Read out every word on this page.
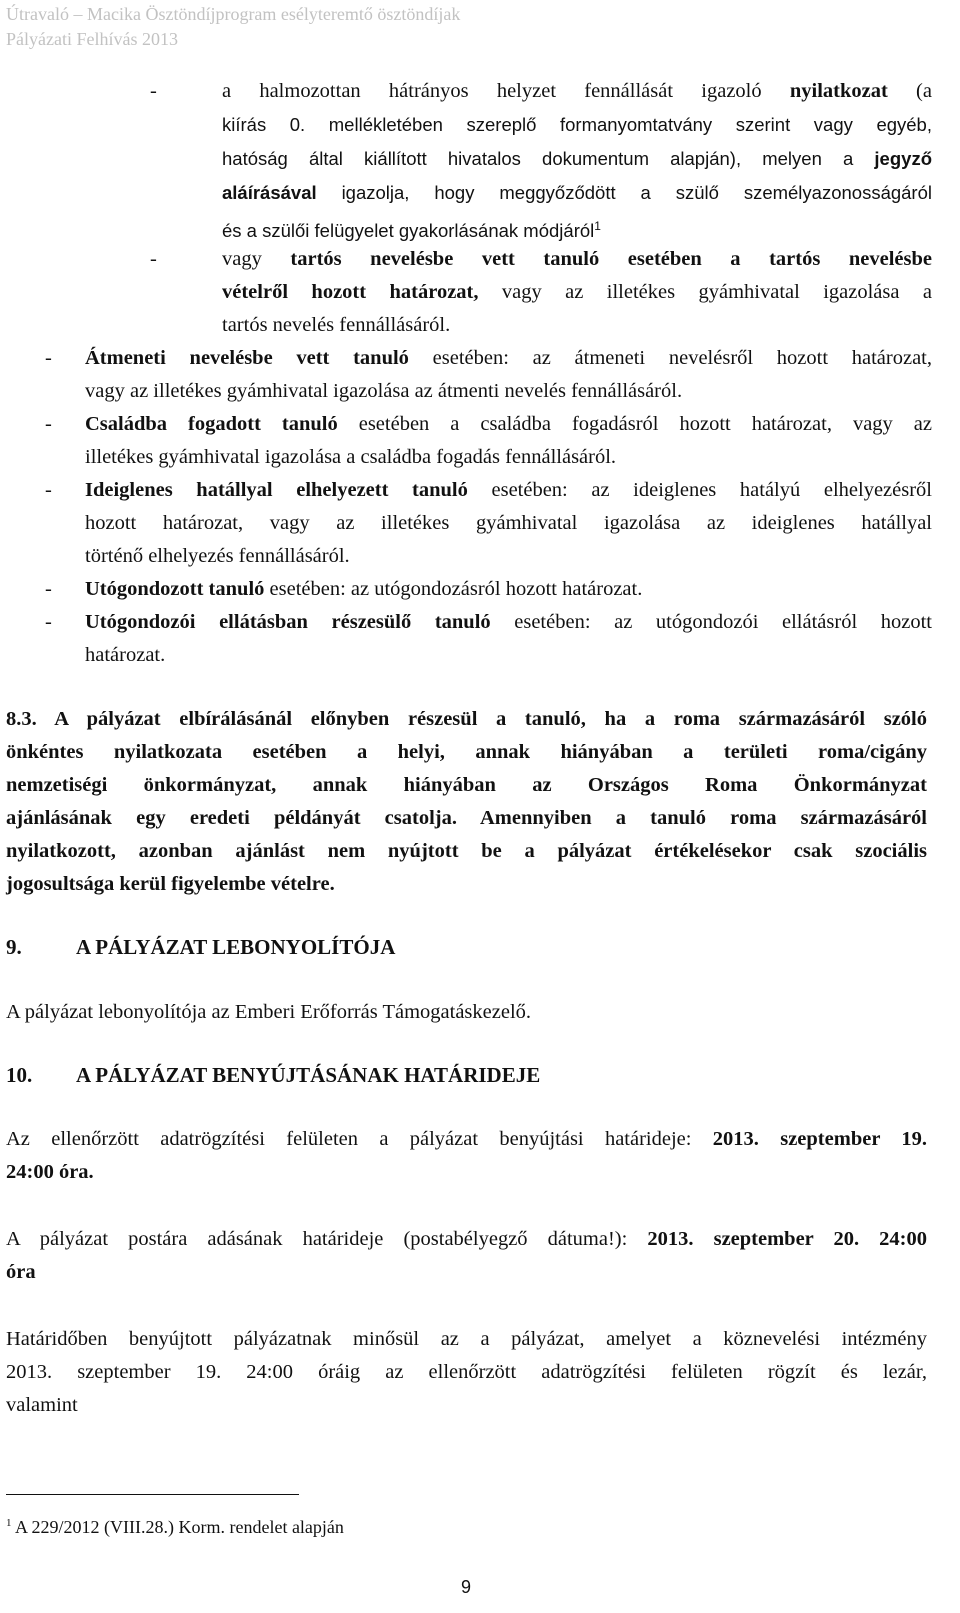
Útravaló – Macika Ösztöndíjprogram esélyteremtő ösztöndíjak
Pályázati Felhívás 2013
-	a halmozottan hátrányos helyzet fennállását igazoló nyilatkozat (a
kiírás 0. mellékletében szereplő formanyomtatvány szerint vagy egyéb,
hatóság által kiállított hivatalos dokumentum alapján), melyen a jegyző
aláírásával igazolja, hogy meggyőződött a szülő személyazonosságáról
és a szülői felügyelet gyakorlásának módjáról$^1$
-	vagy tartós nevelésbe vett tanuló esetében a tartós nevelésbe
vételről hozott határozat, vagy az illetékes gyámhivatal igazolása a
tartós nevelés fennállásáról.
- Átmeneti nevelésbe vett tanuló esetében: az átmeneti nevelésről hozott határozat,
vagy az illetékes gyámhivatal igazolása az átmenti nevelés fennállásáról.
- Családba fogadott tanuló esetében a családba fogadásról hozott határozat, vagy az
illetékes gyámhivatal igazolása a családba fogadás fennállásáról.
- Ideiglenes hatállyal elhelyezett tanuló esetében: az ideiglenes hatályú elhelyezésről
hozott határozat, vagy az illetékes gyámhivatal igazolása az ideiglenes hatállyal
történő elhelyezés fennállásáról.
- Utógondozott tanuló esetében: az utógondozásról hozott határozat.
- Utógondozói ellátásban részesülő tanuló esetében: az utógondozói ellátásról hozott
határozat.
8.3. A pályázat elbírálásánál előnyben részesül a tanuló, ha a roma származásáról szóló
önkéntes nyilatkozata esetében a helyi, annak hiányában a területi roma/cigány
nemzetiségi önkormányzat, annak hiányában az Országos Roma Önkormányzat
ajánlásának egy eredeti példányát csatolja. Amennyiben a tanuló roma származásáról
nyilatkozott, azonban ajánlást nem nyújtott be a pályázat értékelésekor csak szociális
jogosultsága kerül figyelembe vételre.
9.	A PÁLYÁZAT LEBONYOLÍTÓJA
A pályázat lebonyolítója az Emberi Erőforrás Támogatáskezelő.
10. A PÁLYÁZAT BENYÚJTÁSÁNAK HATÁRIDEJE
Az ellenőrzött adatrögzítési felületen a pályázat benyújtási határideje: 2013. szeptember 19.
24:00 óra.
A pályázat postára adásának határideje (postabélyegző dátuma!): 2013. szeptember 20. 24:00
óra
Határidőben benyújtott pályázatnak minősül az a pályázat, amelyet a köznevelési intézmény
2013. szeptember 19. 24:00 óráig az ellenőrzött adatrögzítési felületen rögzít és lezár,
valamint
$^1$ A 229/2012 (VIII.28.) Korm. rendelet alapján
9
